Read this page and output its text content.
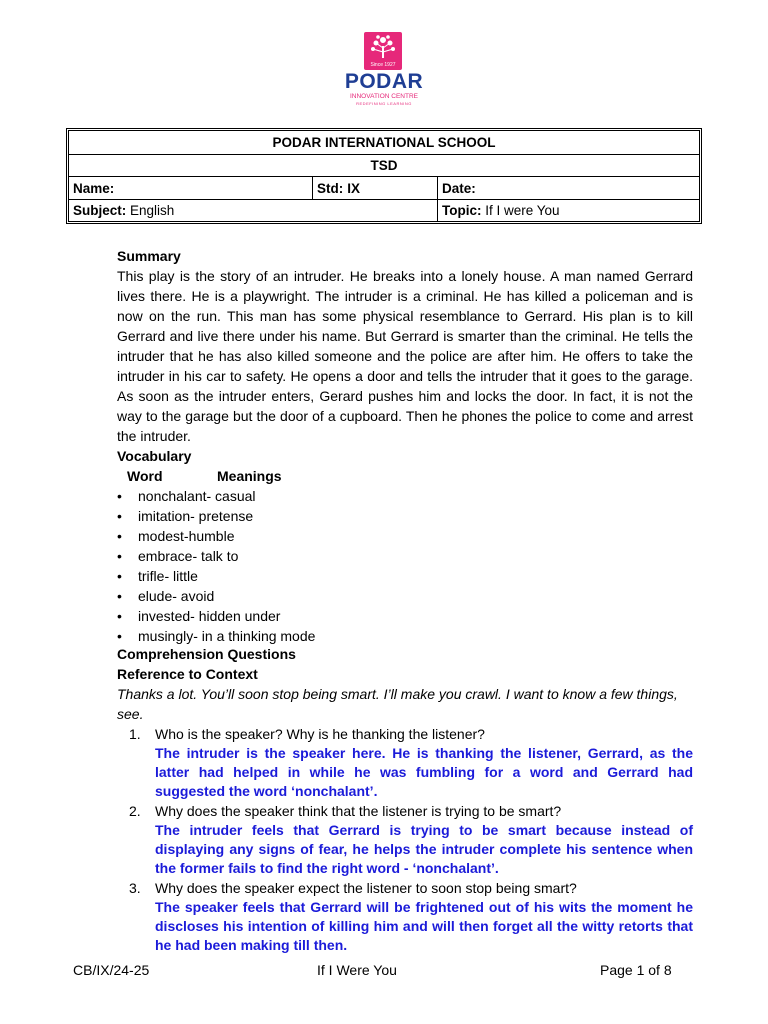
Since 1927
PODAR
INNOVATION CENTRE
REDEFINING LEARNING
PODAR INTERNATIONAL SCHOOL
TSD
Name:	Std: IX	Date:
Subject: English	Topic: If I were You

Summary

This play is the story of an intruder. He breaks into a lonely house. A man named Gerrard lives there. He is a playwright. The intruder is a criminal. He has killed a policeman and is now on the run. This man has some physical resemblance to Gerrard. His plan is to kill Gerrard and live there under his name. But Gerrard is smarter than the criminal. He tells the intruder that he has also killed someone and the police are after him. He offers to take the intruder in his car to safety. He opens a door and tells the intruder that it goes to the garage. As soon as the intruder enters, Gerard pushes him and locks the door. In fact, it is not the way to the garage but the door of a cupboard. Then he phones the police to come and arrest the intruder.

Vocabulary

Word	Meanings
• nonchalant- casual
• imitation- pretense
• modest-humble
• embrace- talk to
• trifle- little
• elude- avoid
• invested- hidden under
• musingly- in a thinking mode

Comprehension Questions

Reference to Context

Thanks a lot. You’ll soon stop being smart. I’ll make you crawl. I want to know a few things, see.

1. Who is the speaker? Why is he thanking the listener?

The intruder is the speaker here. He is thanking the listener, Gerrard, as the latter had helped in while he was fumbling for a word and Gerrard had suggested the word ‘nonchalant’.

2. Why does the speaker think that the listener is trying to be smart?

The intruder feels that Gerrard is trying to be smart because instead of displaying any signs of fear, he helps the intruder complete his sentence when the former fails to find the right word - ‘nonchalant’.

3. Why does the speaker expect the listener to soon stop being smart?

The speaker feels that Gerrard will be frightened out of his wits the moment he discloses his intention of killing him and will then forget all the witty retorts that he had been making till then.

CB/IX/24-25	If I Were You	Page 1 of 8
